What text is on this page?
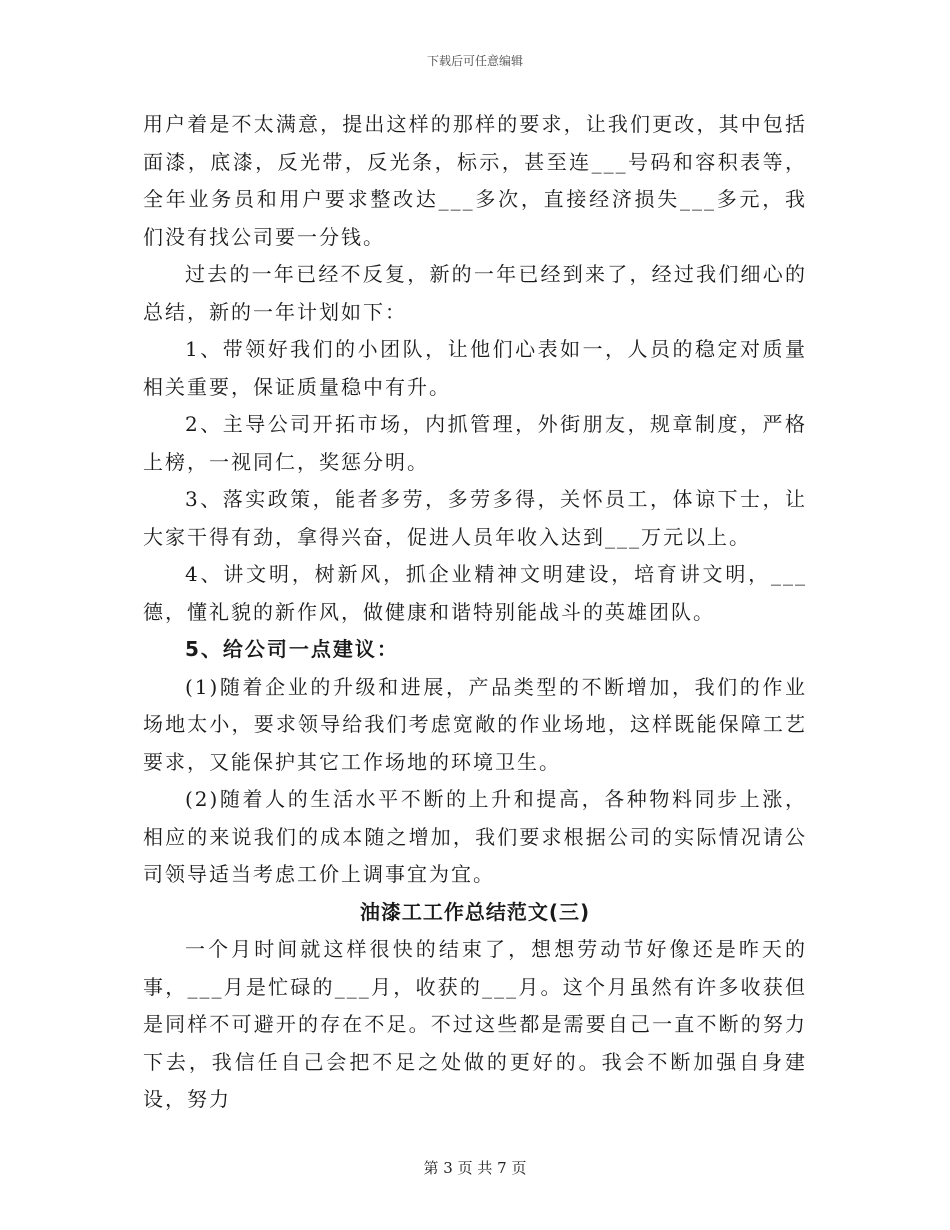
下载后可任意编辑

用户着是不太满意，提出这样的那样的要求，让我们更改，其中包括面漆，底漆，反光带，反光条，标示，甚至连___号码和容积表等，全年业务员和用户要求整改达___多次，直接经济损失___多元，我们没有找公司要一分钱。

过去的一年已经不反复，新的一年已经到来了，经过我们细心的总结，新的一年计划如下：

1、带领好我们的小团队，让他们心表如一，人员的稳定对质量相关重要，保证质量稳中有升。

2、主导公司开拓市场，内抓管理，外街朋友，规章制度，严格上榜，一视同仁，奖惩分明。

3、落实政策，能者多劳，多劳多得，关怀员工，体谅下士，让大家干得有劲，拿得兴奋，促进人员年收入达到___万元以上。

4、讲文明，树新风，抓企业精神文明建设，培育讲文明，___德，懂礼貌的新作风，做健康和谐特别能战斗的英雄团队。

5、给公司一点建议：

(1)随着企业的升级和进展，产品类型的不断增加，我们的作业场地太小，要求领导给我们考虑宽敞的作业场地，这样既能保障工艺要求，又能保护其它工作场地的环境卫生。

(2)随着人的生活水平不断的上升和提高，各种物料同步上涨，相应的来说我们的成本随之增加，我们要求根据公司的实际情况请公司领导适当考虑工价上调事宜为宜。

油漆工工作总结范文(三)

一个月时间就这样很快的结束了，想想劳动节好像还是昨天的事，___月是忙碌的___月，收获的___月。这个月虽然有许多收获但是同样不可避开的存在不足。不过这些都是需要自己一直不断的努力下去，我信任自己会把不足之处做的更好的。我会不断加强自身建设，努力

第 3 页 共 7 页
